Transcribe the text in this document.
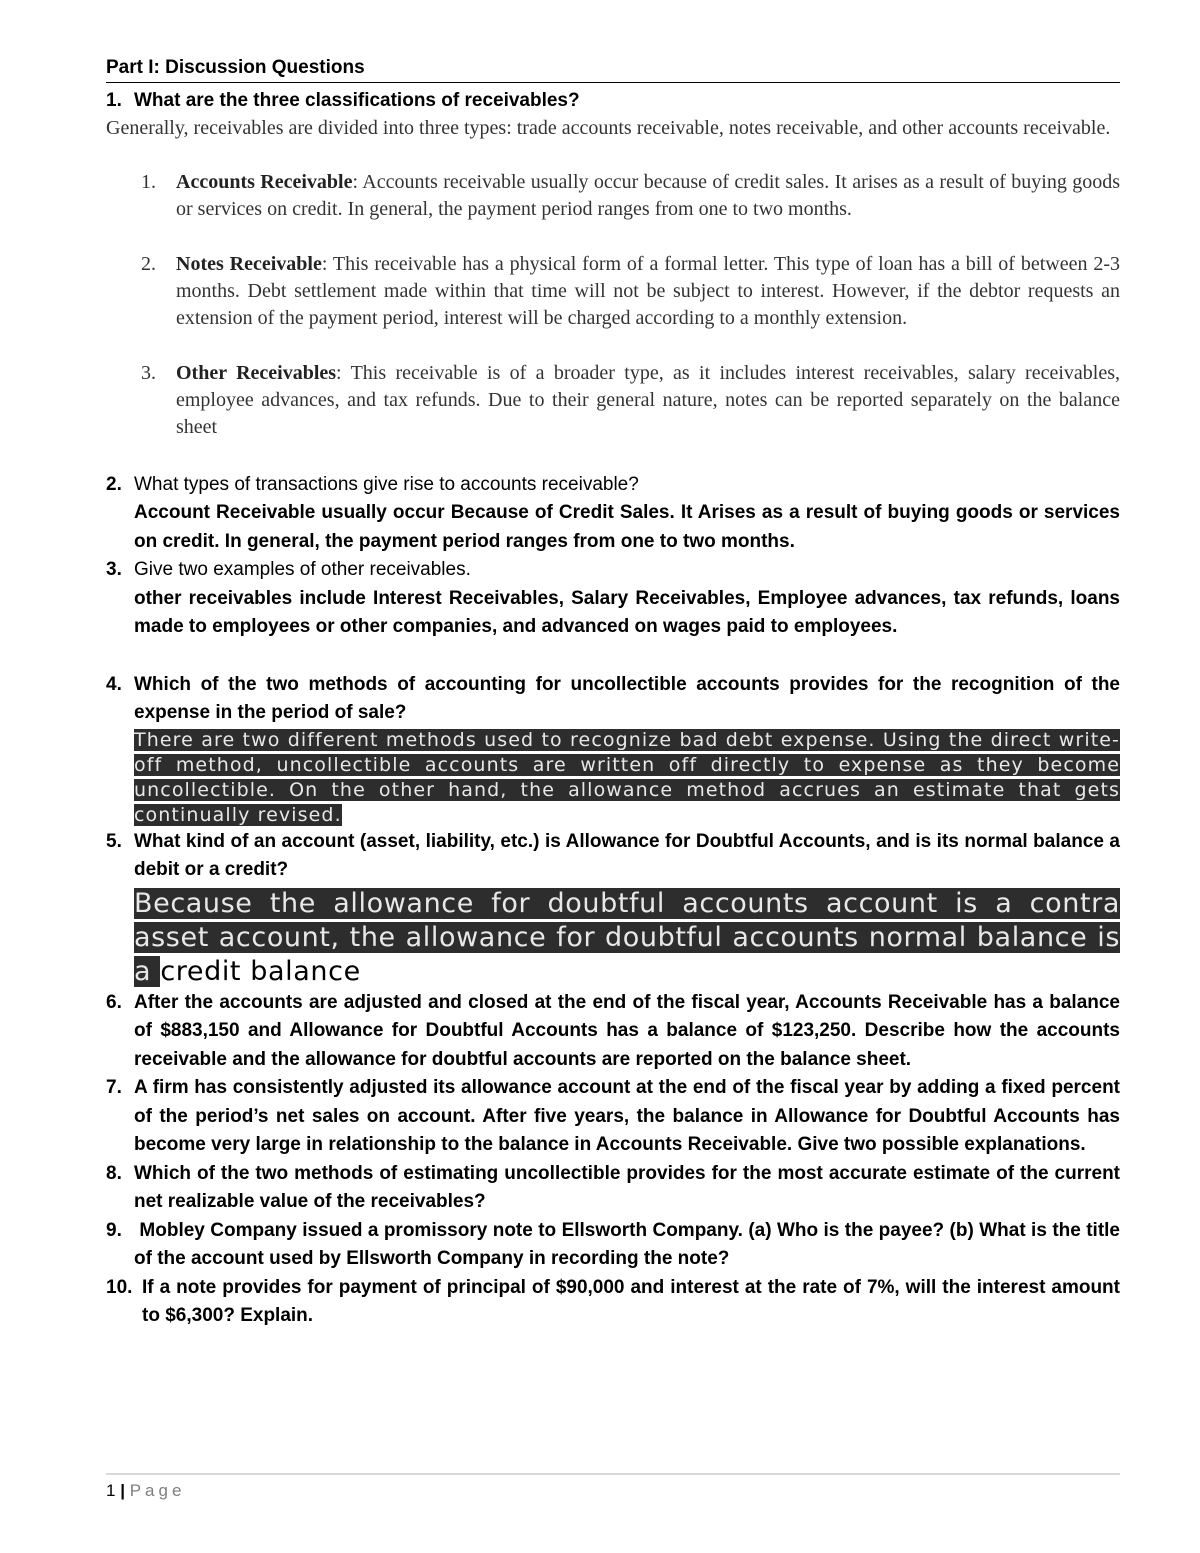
Part I: Discussion Questions
1. What are the three classifications of receivables?
Generally, receivables are divided into three types: trade accounts receivable, notes receivable, and other accounts receivable.
1. Accounts Receivable: Accounts receivable usually occur because of credit sales. It arises as a result of buying goods or services on credit. In general, the payment period ranges from one to two months.
2. Notes Receivable: This receivable has a physical form of a formal letter. This type of loan has a bill of between 2-3 months. Debt settlement made within that time will not be subject to interest. However, if the debtor requests an extension of the payment period, interest will be charged according to a monthly extension.
3. Other Receivables: This receivable is of a broader type, as it includes interest receivables, salary receivables, employee advances, and tax refunds. Due to their general nature, notes can be reported separately on the balance sheet
2. What types of transactions give rise to accounts receivable?
Account Receivable usually occur Because of Credit Sales. It Arises as a result of buying goods or services on credit. In general, the payment period ranges from one to two months.
3. Give two examples of other receivables.
other receivables include Interest Receivables, Salary Receivables, Employee advances, tax refunds, loans made to employees or other companies, and advanced on wages paid to employees.
4. Which of the two methods of accounting for uncollectible accounts provides for the recognition of the expense in the period of sale?
There are two different methods used to recognize bad debt expense. Using the direct write-off method, uncollectible accounts are written off directly to expense as they become uncollectible. On the other hand, the allowance method accrues an estimate that gets continually revised.
5. What kind of an account (asset, liability, etc.) is Allowance for Doubtful Accounts, and is its normal balance a debit or a credit?
Because the allowance for doubtful accounts account is a contra asset account, the allowance for doubtful accounts normal balance is a credit balance
6. After the accounts are adjusted and closed at the end of the fiscal year, Accounts Receivable has a balance of $883,150 and Allowance for Doubtful Accounts has a balance of $123,250. Describe how the accounts receivable and the allowance for doubtful accounts are reported on the balance sheet.
7. A firm has consistently adjusted its allowance account at the end of the fiscal year by adding a fixed percent of the period’s net sales on account. After five years, the balance in Allowance for Doubtful Accounts has become very large in relationship to the balance in Accounts Receivable. Give two possible explanations.
8. Which of the two methods of estimating uncollectible provides for the most accurate estimate of the current net realizable value of the receivables?
9. Mobley Company issued a promissory note to Ellsworth Company. (a) Who is the payee? (b) What is the title of the account used by Ellsworth Company in recording the note?
10. If a note provides for payment of principal of $90,000 and interest at the rate of 7%, will the interest amount to $6,300? Explain.
1 | Page
